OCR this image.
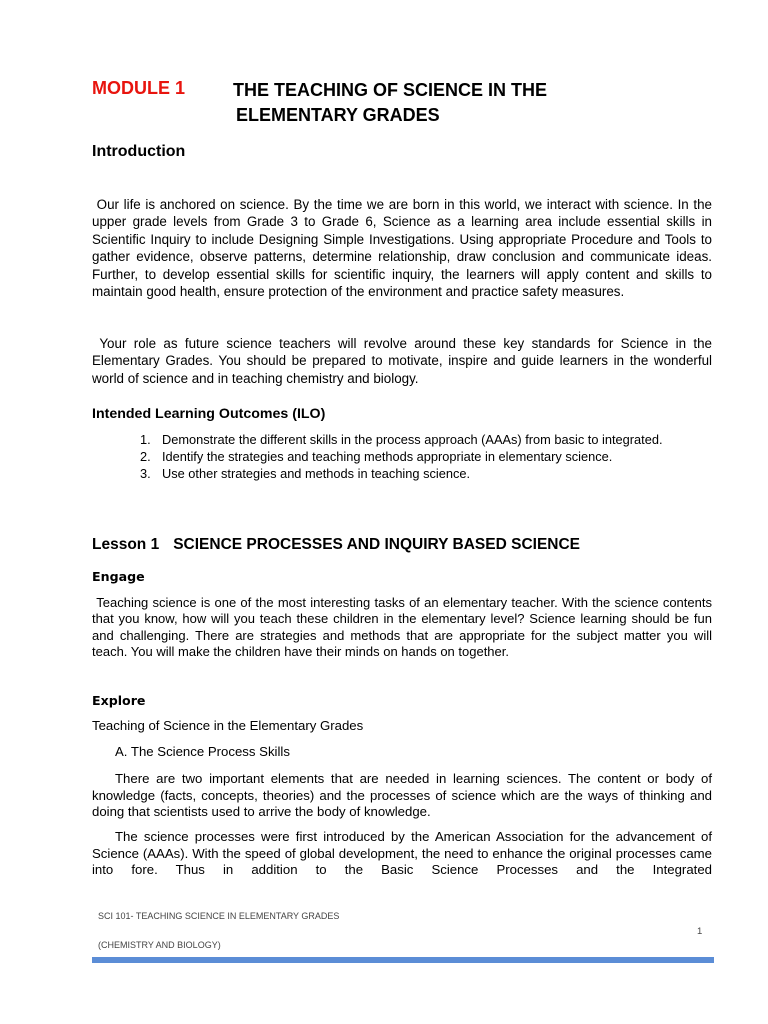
MODULE 1	THE TEACHING OF SCIENCE IN THE
ELEMENTARY GRADES
Introduction
Our life is anchored on science. By the time we are born in this world, we interact with science. In the upper grade levels from Grade 3 to Grade 6, Science as a learning area include essential skills in Scientific Inquiry to include Designing Simple Investigations. Using appropriate Procedure and Tools to gather evidence, observe patterns, determine relationship, draw conclusion and communicate ideas. Further, to develop essential skills for scientific inquiry, the learners will apply content and skills to maintain good health, ensure protection of the environment and practice safety measures.
Your role as future science teachers will revolve around these key standards for Science in the Elementary Grades. You should be prepared to motivate, inspire and guide learners in the wonderful world of science and in teaching chemistry and biology.
Intended Learning Outcomes (ILO)
1. Demonstrate the different skills in the process approach (AAAs) from basic to integrated.
2. Identify the strategies and teaching methods appropriate in elementary science.
3. Use other strategies and methods in teaching science.
Lesson 1 SCIENCE PROCESSES AND INQUIRY BASED SCIENCE
Engage
Teaching science is one of the most interesting tasks of an elementary teacher. With the science contents that you know, how will you teach these children in the elementary level? Science learning should be fun and challenging. There are strategies and methods that are appropriate for the subject matter you will teach. You will make the children have their minds on hands on together.
Explore
Teaching of Science in the Elementary Grades
A. The Science Process Skills
There are two important elements that are needed in learning sciences. The content or body of knowledge (facts, concepts, theories) and the processes of science which are the ways of thinking and doing that scientists used to arrive the body of knowledge.
The science processes were first introduced by the American Association for the advancement of Science (AAAs). With the speed of global development, the need to enhance the original processes came into fore. Thus in addition to the Basic Science Processes and the Integrated
SCI 101- TEACHING SCIENCE IN ELEMENTARY GRADES
1
(CHEMISTRY AND BIOLOGY)
